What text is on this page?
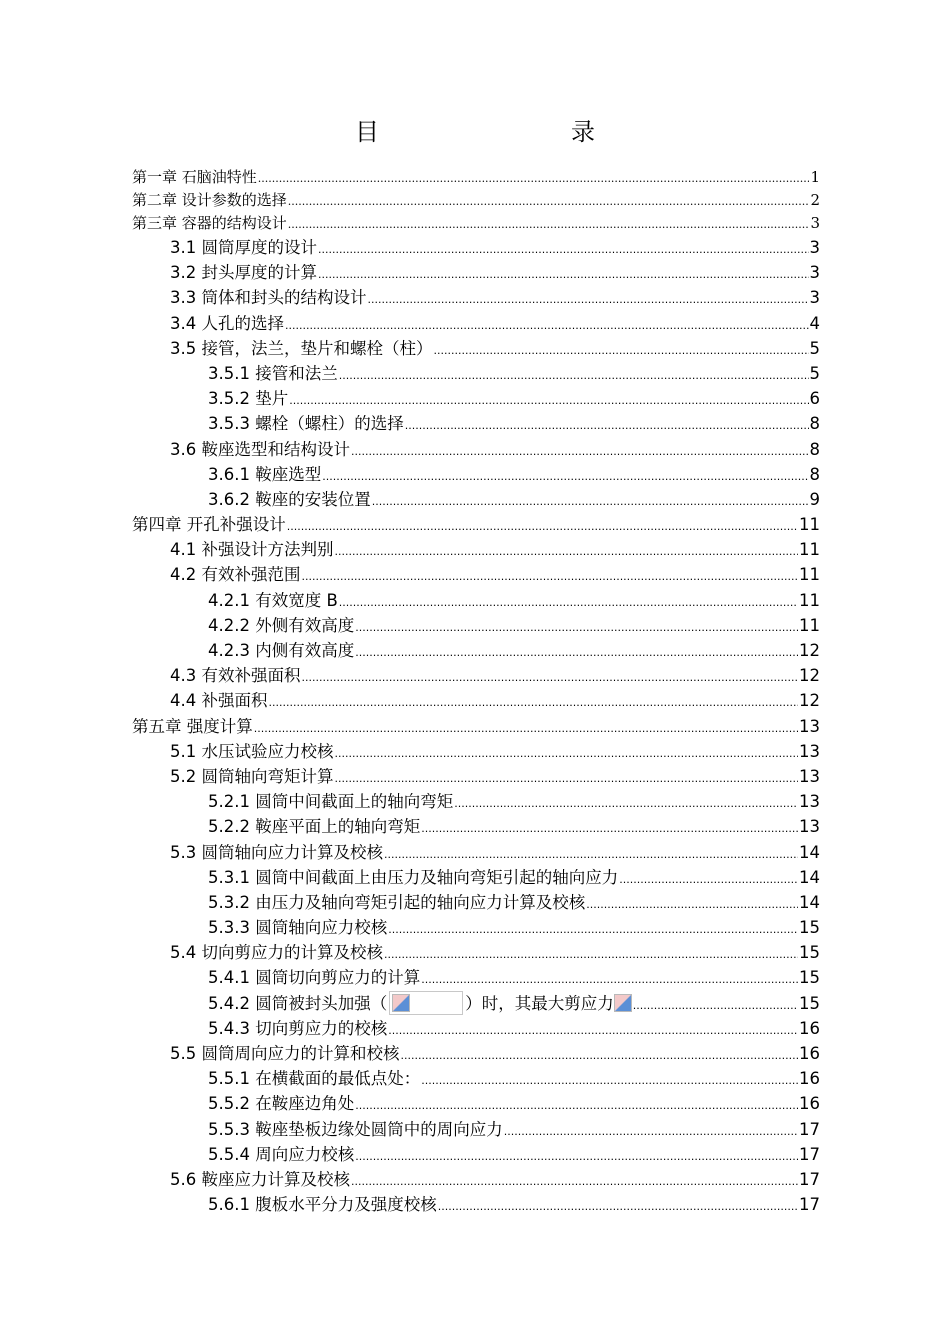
目　　录
第一章 石脑油特性 .....	1
第二章 设计参数的选择 .....	2
第三章 容器的结构设计 .....	3
3.1 圆筒厚度的设计 .....	3
3.2 封头厚度的计算 .....	3
3.3 筒体和封头的结构设计 .....	3
3.4 人孔的选择 .....	4
3.5 接管，法兰，垫片和螺栓（柱） .....	5
3.5.1 接管和法兰 .....	5
3.5.2 垫片 .....	6
3.5.3 螺栓（螺柱）的选择 .....	8
3.6 鞍座选型和结构设计 .....	8
3.6.1 鞍座选型 .....	8
3.6.2 鞍座的安装位置 .....	9
第四章 开孔补强设计 .....	11
4.1 补强设计方法判别 .....	11
4.2 有效补强范围 .....	11
4.2.1 有效宽度 B .....	11
4.2.2 外侧有效高度 .....	11
4.2.3 内侧有效高度 .....	12
4.3 有效补强面积 .....	12
4.4 补强面积 .....	12
第五章 强度计算 .....	13
5.1 水压试验应力校核 .....	13
5.2 圆筒轴向弯矩计算 .....	13
5.2.1 圆筒中间截面上的轴向弯矩 .....	13
5.2.2 鞍座平面上的轴向弯矩 .....	13
5.3 圆筒轴向应力计算及校核 .....	14
5.3.1 圆筒中间截面上由压力及轴向弯矩引起的轴向应力 .....	14
5.3.2 由压力及轴向弯矩引起的轴向应力计算及校核 .....	14
5.3.3 圆筒轴向应力校核 .....	15
5.4 切向剪应力的计算及校核 .....	15
5.4.1 圆筒切向剪应力的计算 .....	15
5.4.2 圆筒被封头加强（	）时，其最大剪应力 .....	15
5.4.3 切向剪应力的校核 .....	16
5.5 圆筒周向应力的计算和校核 .....	16
5.5.1 在横截面的最低点处： .....	16
5.5.2 在鞍座边角处 .....	16
5.5.3 鞍座垫板边缘处圆筒中的周向应力 .....	17
5.5.4 周向应力校核 .....	17
5.6 鞍座应力计算及校核 .....	17
5.6.1 腹板水平分力及强度校核 .....	17
